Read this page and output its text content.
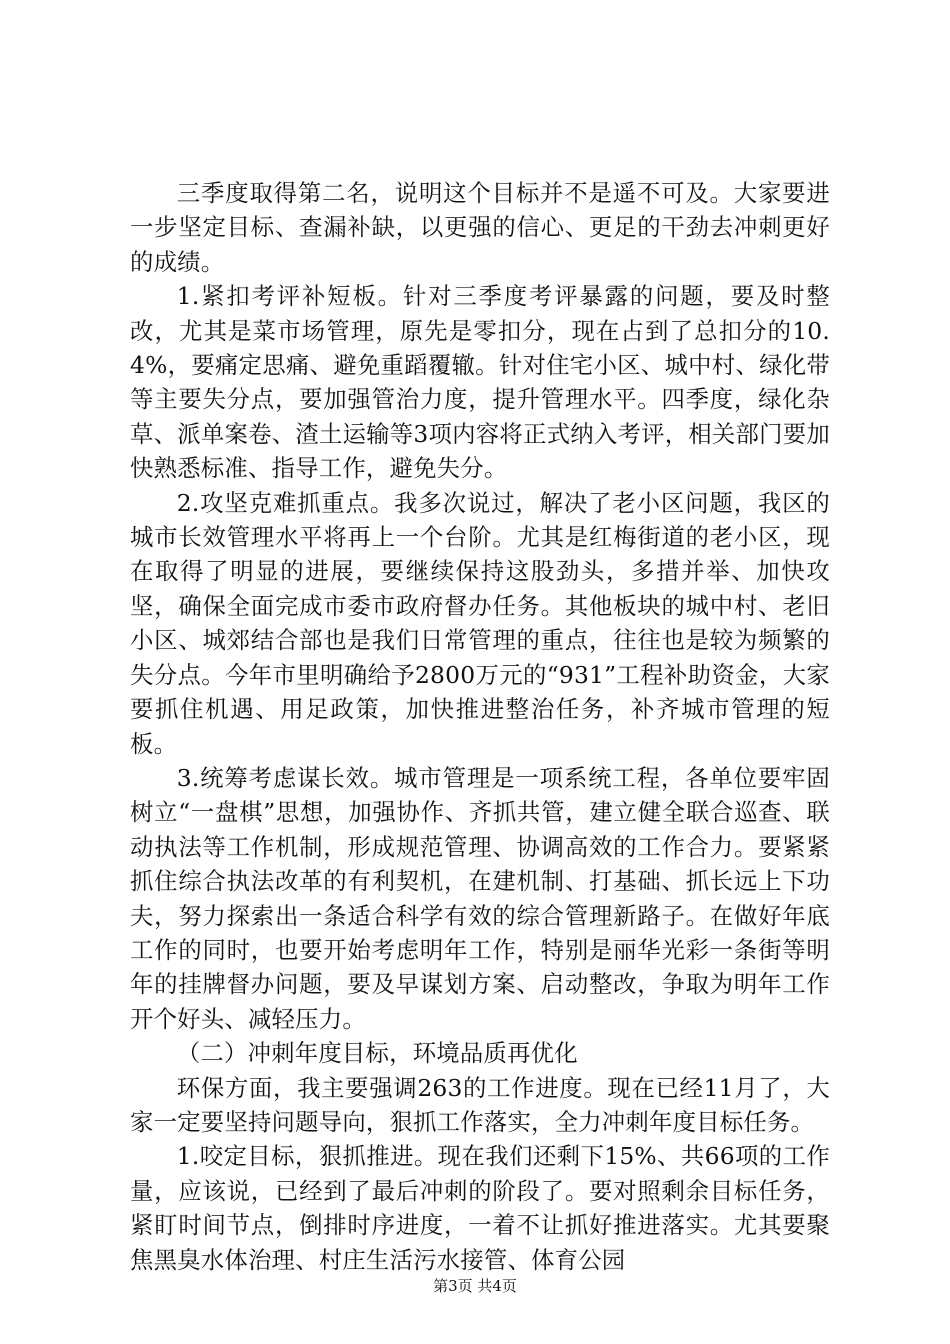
三季度取得第二名，说明这个目标并不是遥不可及。大家要进一步坚定目标、查漏补缺，以更强的信心、更足的干劲去冲刺更好的成绩。

1.紧扣考评补短板。针对三季度考评暴露的问题，要及时整改，尤其是菜市场管理，原先是零扣分，现在占到了总扣分的10.4%，要痛定思痛、避免重蹈覆辙。针对住宅小区、城中村、绿化带等主要失分点，要加强管治力度，提升管理水平。四季度，绿化杂草、派单案卷、渣土运输等3项内容将正式纳入考评，相关部门要加快熟悉标准、指导工作，避免失分。

2.攻坚克难抓重点。我多次说过，解决了老小区问题，我区的城市长效管理水平将再上一个台阶。尤其是红梅街道的老小区，现在取得了明显的进展，要继续保持这股劲头，多措并举、加快攻坚，确保全面完成市委市政府督办任务。其他板块的城中村、老旧小区、城郊结合部也是我们日常管理的重点，往往也是较为频繁的失分点。今年市里明确给予2800万元的“931”工程补助资金，大家要抓住机遇、用足政策，加快推进整治任务，补齐城市管理的短板。

3.统筹考虑谋长效。城市管理是一项系统工程，各单位要牢固树立“一盘棋”思想，加强协作、齐抓共管，建立健全联合巡查、联动执法等工作机制，形成规范管理、协调高效的工作合力。要紧紧抓住综合执法改革的有利契机，在建机制、打基础、抓长远上下功夫，努力探索出一条适合科学有效的综合管理新路子。在做好年底工作的同时，也要开始考虑明年工作，特别是丽华光彩一条街等明年的挂牌督办问题，要及早谋划方案、启动整改，争取为明年工作开个好头、减轻压力。

（二）冲刺年度目标，环境品质再优化

环保方面，我主要强调263的工作进度。现在已经11月了，大家一定要坚持问题导向，狠抓工作落实，全力冲刺年度目标任务。

1.咬定目标，狠抓推进。现在我们还剩下15%、共66项的工作量，应该说，已经到了最后冲刺的阶段了。要对照剩余目标任务，紧盯时间节点，倒排时序进度，一着不让抓好推进落实。尤其要聚焦黑臭水体治理、村庄生活污水接管、体育公园

第3页 共4页
